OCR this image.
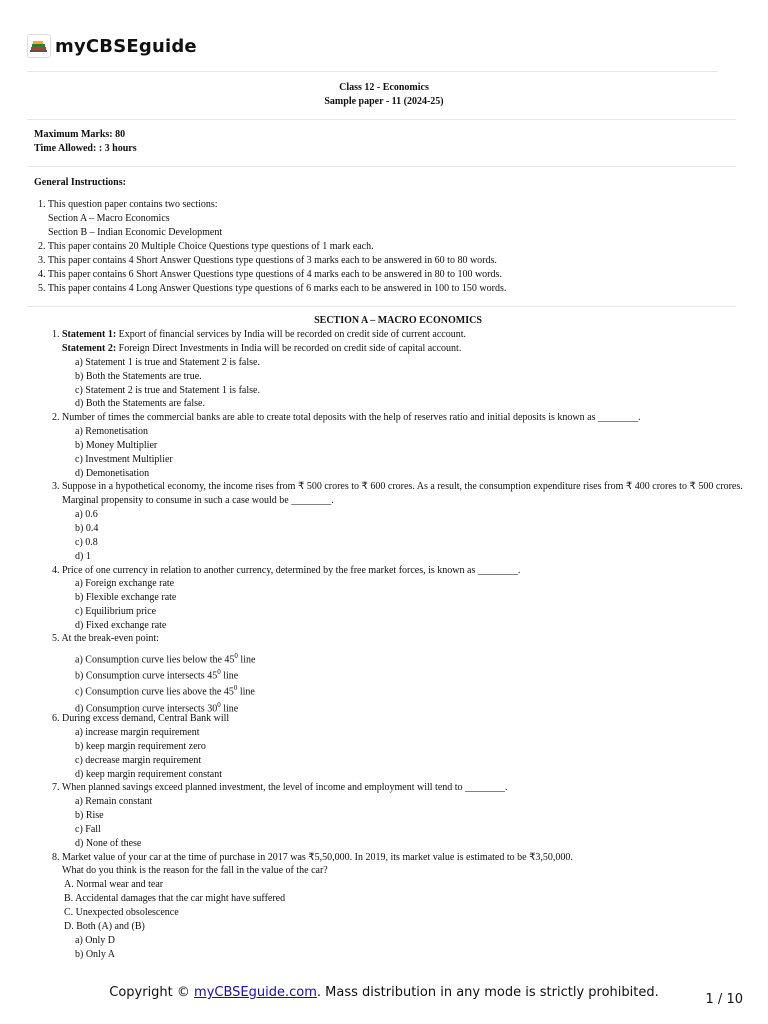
myCBSEguide
Class 12 - Economics
Sample paper - 11 (2024-25)
Maximum Marks: 80
Time Allowed: : 3 hours
General Instructions:
1. This question paper contains two sections:
Section A – Macro Economics
Section B – Indian Economic Development
2. This paper contains 20 Multiple Choice Questions type questions of 1 mark each.
3. This paper contains 4 Short Answer Questions type questions of 3 marks each to be answered in 60 to 80 words.
4. This paper contains 6 Short Answer Questions type questions of 4 marks each to be answered in 80 to 100 words.
5. This paper contains 4 Long Answer Questions type questions of 6 marks each to be answered in 100 to 150 words.
SECTION A – MACRO ECONOMICS
1. Statement 1: Export of financial services by India will be recorded on credit side of current account.
Statement 2: Foreign Direct Investments in India will be recorded on credit side of capital account.
a) Statement 1 is true and Statement 2 is false.
b) Both the Statements are true.
c) Statement 2 is true and Statement 1 is false.
d) Both the Statements are false.
2. Number of times the commercial banks are able to create total deposits with the help of reserves ratio and initial deposits is known as ________.
a) Remonetisation
b) Money Multiplier
c) Investment Multiplier
d) Demonetisation
3. Suppose in a hypothetical economy, the income rises from ₹ 500 crores to ₹ 600 crores. As a result, the consumption expenditure rises from ₹ 400 crores to ₹ 500 crores.
Marginal propensity to consume in such a case would be ________.
a) 0.6
b) 0.4
c) 0.8
d) 1
4. Price of one currency in relation to another currency, determined by the free market forces, is known as ________.
a) Foreign exchange rate
b) Flexible exchange rate
c) Equilibrium price
d) Fixed exchange rate
5. At the break-even point:
a) Consumption curve lies below the $45^0$ line
b) Consumption curve intersects $45^0$ line
c) Consumption curve lies above the $45^0$ line
d) Consumption curve intersects $30^0$ line
6. During excess demand, Central Bank will
a) increase margin requirement
b) keep margin requirement zero
c) decrease margin requirement
d) keep margin requirement constant
7. When planned savings exceed planned investment, the level of income and employment will tend to ________.
a) Remain constant
b) Rise
c) Fall
d) None of these
8. Market value of your car at the time of purchase in 2017 was ₹5,50,000. In 2019, its market value is estimated to be ₹3,50,000.
What do you think is the reason for the fall in the value of the car?
A. Normal wear and tear
B. Accidental damages that the car might have suffered
C. Unexpected obsolescence
D. Both (A) and (B)
a) Only D
b) Only A
Copyright © myCBSEguide.com. Mass distribution in any mode is strictly prohibited.	1 / 10
